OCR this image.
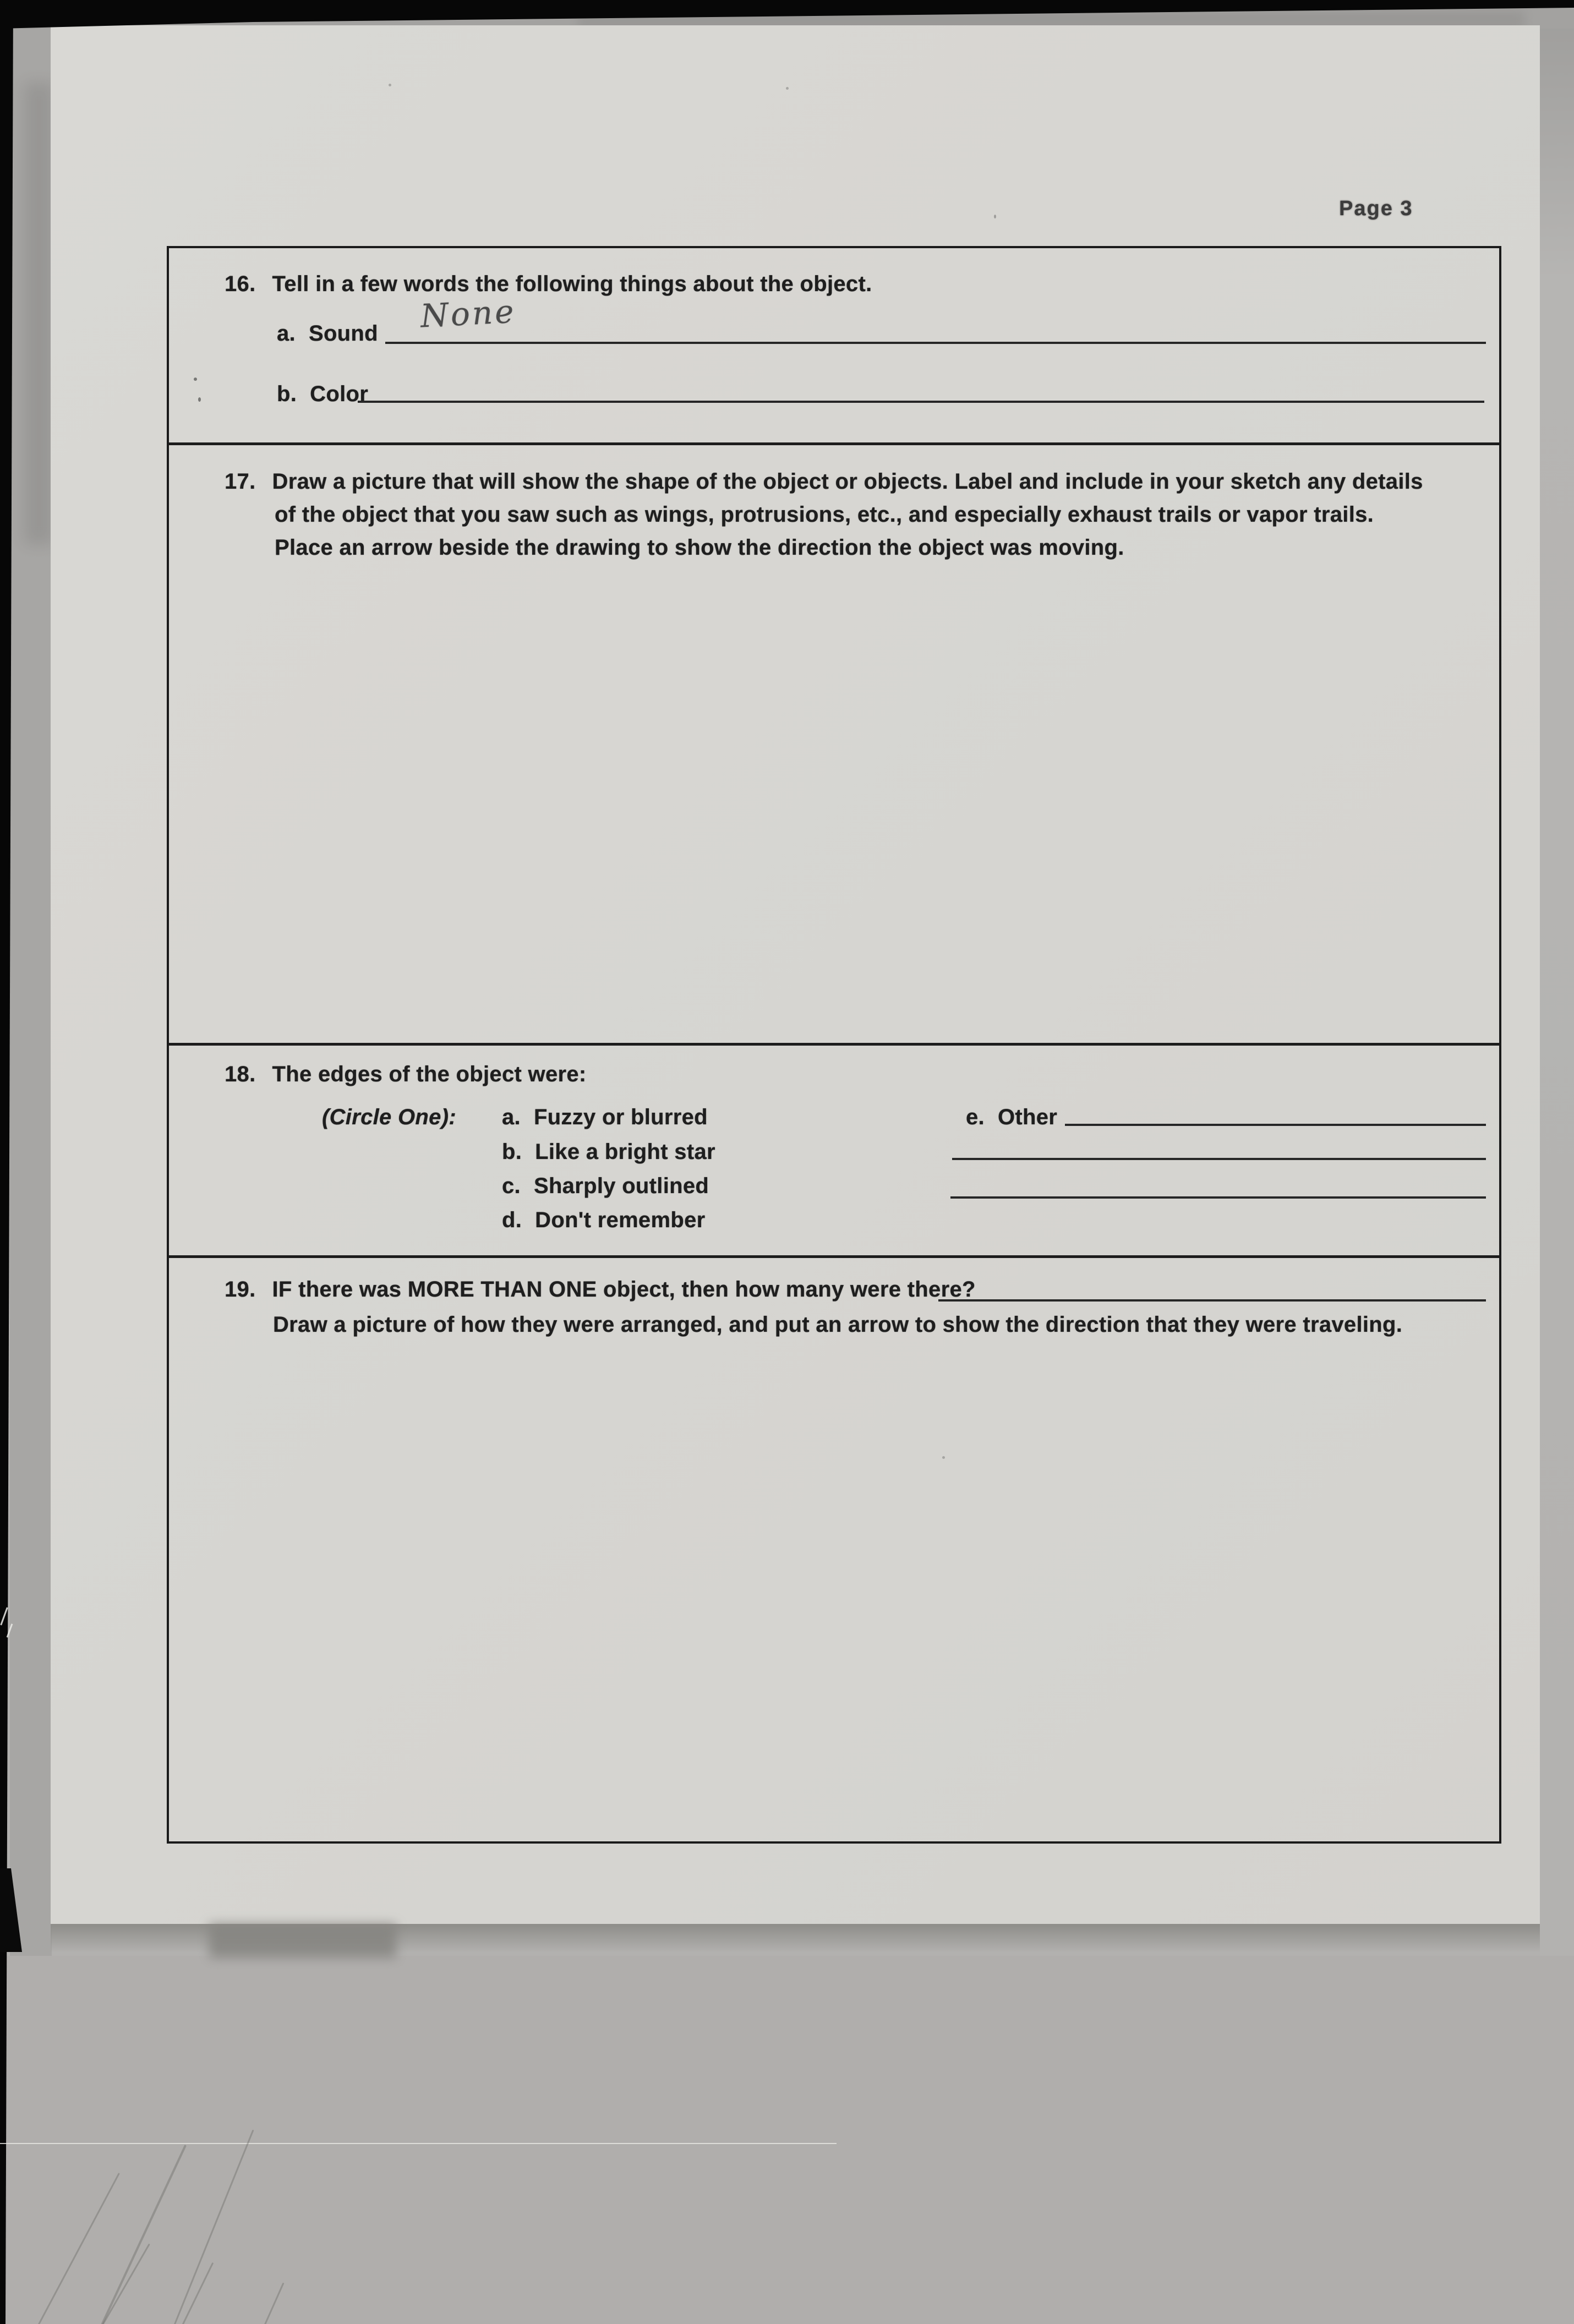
Page 3
16. Tell in a few words the following things about the object.
a. Sound None
b. Color
17. Draw a picture that will show the shape of the object or objects. Label and include in your sketch any details
of the object that you saw such as wings, protrusions, etc., and especially exhaust trails or vapor trails.
Place an arrow beside the drawing to show the direction the object was moving.
18. The edges of the object were:
(Circle One): a. Fuzzy or blurred
b. Like a bright star
c. Sharply outlined
d. Don't remember
e. Other
19. IF there was MORE THAN ONE object, then how many were there?
Draw a picture of how they were arranged, and put an arrow to show the direction that they were traveling.
